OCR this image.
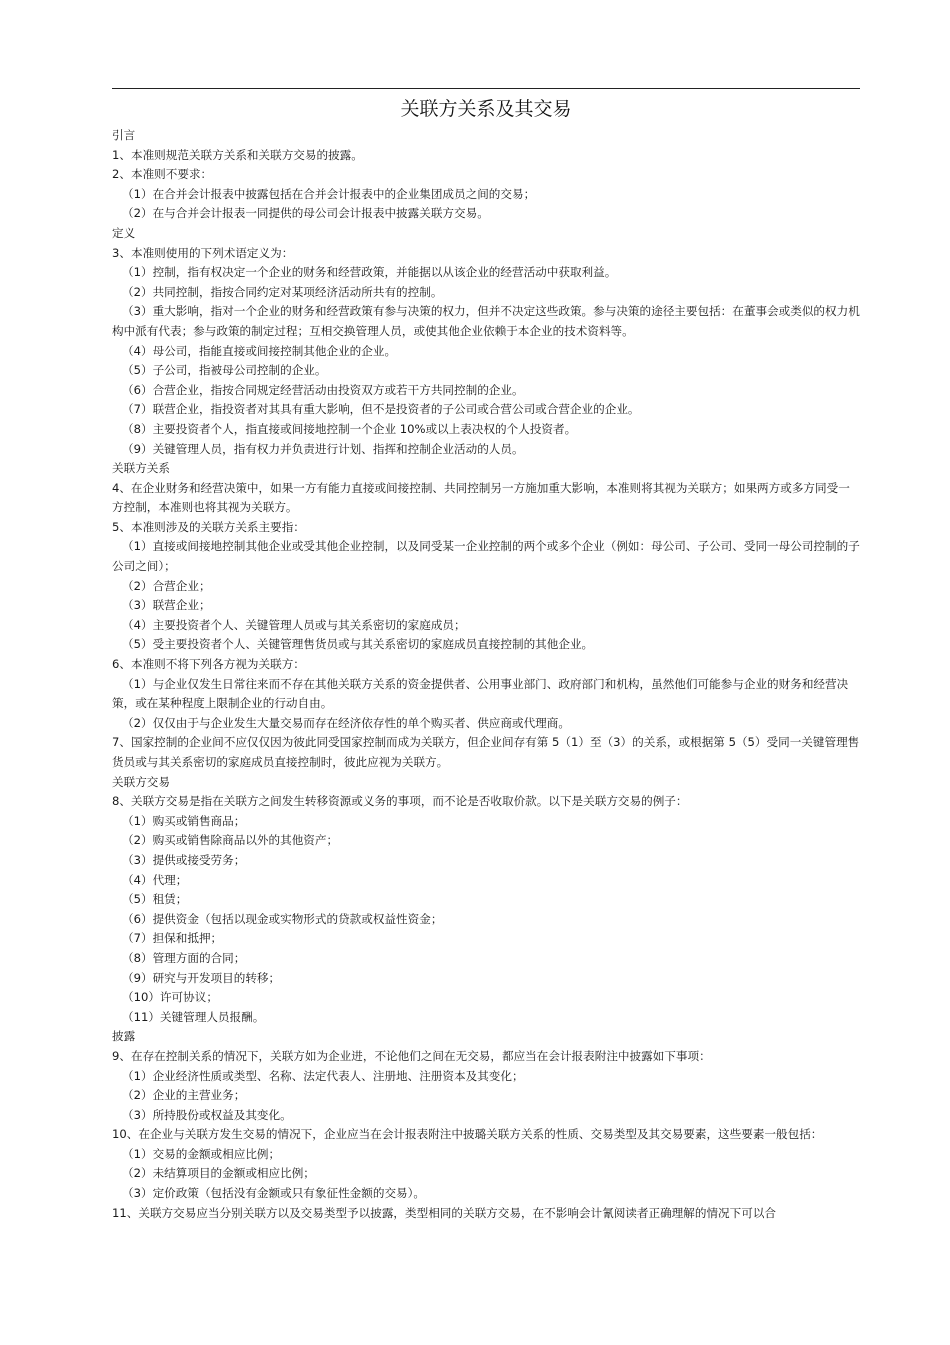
关联方关系及其交易
引言
1、本准则规范关联方关系和关联方交易的披露。
2、本准则不要求：
（1）在合并会计报表中披露包括在合并会计报表中的企业集团成员之间的交易；
（2）在与合并会计报表一同提供的母公司会计报表中披露关联方交易。
定义
3、本准则使用的下列术语定义为：
（1）控制，指有权决定一个企业的财务和经营政策，并能据以从该企业的经营活动中获取利益。
（2）共同控制，指按合同约定对某项经济活动所共有的控制。
（3）重大影响，指对一个企业的财务和经营政策有参与决策的权力，但并不决定这些政策。参与决策的途径主要包括：在董事会或类似的权力机构中派有代表；参与政策的制定过程；互相交换管理人员，或使其他企业依赖于本企业的技术资料等。
（4）母公司，指能直接或间接控制其他企业的企业。
（5）子公司，指被母公司控制的企业。
（6）合营企业，指按合同规定经营活动由投资双方或若干方共同控制的企业。
（7）联营企业，指投资者对其具有重大影响，但不是投资者的子公司或合营公司或合营企业的企业。
（8）主要投资者个人，指直接或间接地控制一个企业 10%或以上表决权的个人投资者。
（9）关键管理人员，指有权力并负责进行计划、指挥和控制企业活动的人员。
关联方关系
4、在企业财务和经营决策中，如果一方有能力直接或间接控制、共同控制另一方施加重大影响，本准则将其视为关联方；如果两方或多方同受一方控制，本准则也将其视为关联方。
5、本准则涉及的关联方关系主要指：
（1）直接或间接地控制其他企业或受其他企业控制，以及同受某一企业控制的两个或多个企业（例如：母公司、子公司、受同一母公司控制的子公司之间）；
（2）合营企业；
（3）联营企业；
（4）主要投资者个人、关键管理人员或与其关系密切的家庭成员；
（5）受主要投资者个人、关键管理售货员或与其关系密切的家庭成员直接控制的其他企业。
6、本准则不将下列各方视为关联方：
（1）与企业仅发生日常往来而不存在其他关联方关系的资金提供者、公用事业部门、政府部门和机构，虽然他们可能参与企业的财务和经营决策，或在某种程度上限制企业的行动自由。
（2）仅仅由于与企业发生大量交易而存在经济依存性的单个购买者、供应商或代理商。
7、国家控制的企业间不应仅仅因为彼此同受国家控制而成为关联方，但企业间存有第 5（1）至（3）的关系，或根据第 5（5）受同一关键管理售货员或与其关系密切的家庭成员直接控制时，彼此应视为关联方。
关联方交易
8、关联方交易是指在关联方之间发生转移资源或义务的事项，而不论是否收取价款。以下是关联方交易的例子：
（1）购买或销售商品；
（2）购买或销售除商品以外的其他资产；
（3）提供或接受劳务；
（4）代理；
（5）租赁；
（6）提供资金（包括以现金或实物形式的贷款或权益性资金；
（7）担保和抵押；
（8）管理方面的合同；
（9）研究与开发项目的转移；
（10）许可协议；
（11）关键管理人员报酬。
披露
9、在存在控制关系的情况下，关联方如为企业进，不论他们之间在无交易，都应当在会计报表附注中披露如下事项：
（1）企业经济性质或类型、名称、法定代表人、注册地、注册资本及其变化；
（2）企业的主营业务；
（3）所持股份或权益及其变化。
10、在企业与关联方发生交易的情况下，企业应当在会计报表附注中披璐关联方关系的性质、交易类型及其交易要素，这些要素一般包括：
（1）交易的金额或相应比例；
（2）未结算项目的金额或相应比例；
（3）定价政策（包括没有金额或只有象征性金额的交易）。
11、关联方交易应当分别关联方以及交易类型予以披露，类型相同的关联方交易，在不影响会计氰阅读者正确理解的情况下可以合
